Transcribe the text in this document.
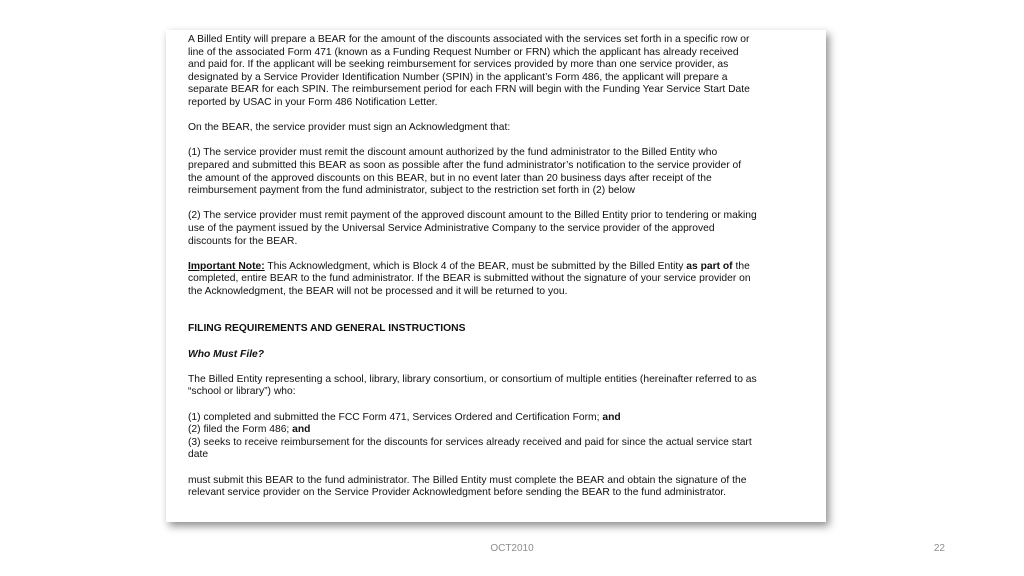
A Billed Entity will prepare a BEAR for the amount of the discounts associated with the services set forth in a specific row or
line of the associated Form 471 (known as a Funding Request Number or FRN) which the applicant has already received
and paid for. If the applicant will be seeking reimbursement for services provided by more than one service provider, as
designated by a Service Provider Identification Number (SPIN) in the applicant’s Form 486, the applicant will prepare a
separate BEAR for each SPIN. The reimbursement period for each FRN will begin with the Funding Year Service Start Date
reported by USAC in your Form 486 Notification Letter.

On the BEAR, the service provider must sign an Acknowledgment that:

(1) The service provider must remit the discount amount authorized by the fund administrator to the Billed Entity who
prepared and submitted this BEAR as soon as possible after the fund administrator’s notification to the service provider of
the amount of the approved discounts on this BEAR, but in no event later than 20 business days after receipt of the
reimbursement payment from the fund administrator, subject to the restriction set forth in (2) below

(2) The service provider must remit payment of the approved discount amount to the Billed Entity prior to tendering or making
use of the payment issued by the Universal Service Administrative Company to the service provider of the approved
discounts for the BEAR.

Important Note: This Acknowledgment, which is Block 4 of the BEAR, must be submitted by the Billed Entity as part of the
completed, entire BEAR to the fund administrator. If the BEAR is submitted without the signature of your service provider on
the Acknowledgment, the BEAR will not be processed and it will be returned to you.

FILING REQUIREMENTS AND GENERAL INSTRUCTIONS
Who Must File?

The Billed Entity representing a school, library, library consortium, or consortium of multiple entities (hereinafter referred to as
“school or library”) who:

(1) completed and submitted the FCC Form 471, Services Ordered and Certification Form; and
(2) filed the Form 486; and
(3) seeks to receive reimbursement for the discounts for services already received and paid for since the actual service start
date

must submit this BEAR to the fund administrator. The Billed Entity must complete the BEAR and obtain the signature of the
relevant service provider on the Service Provider Acknowledgment before sending the BEAR to the fund administrator.

OCT2010	22
